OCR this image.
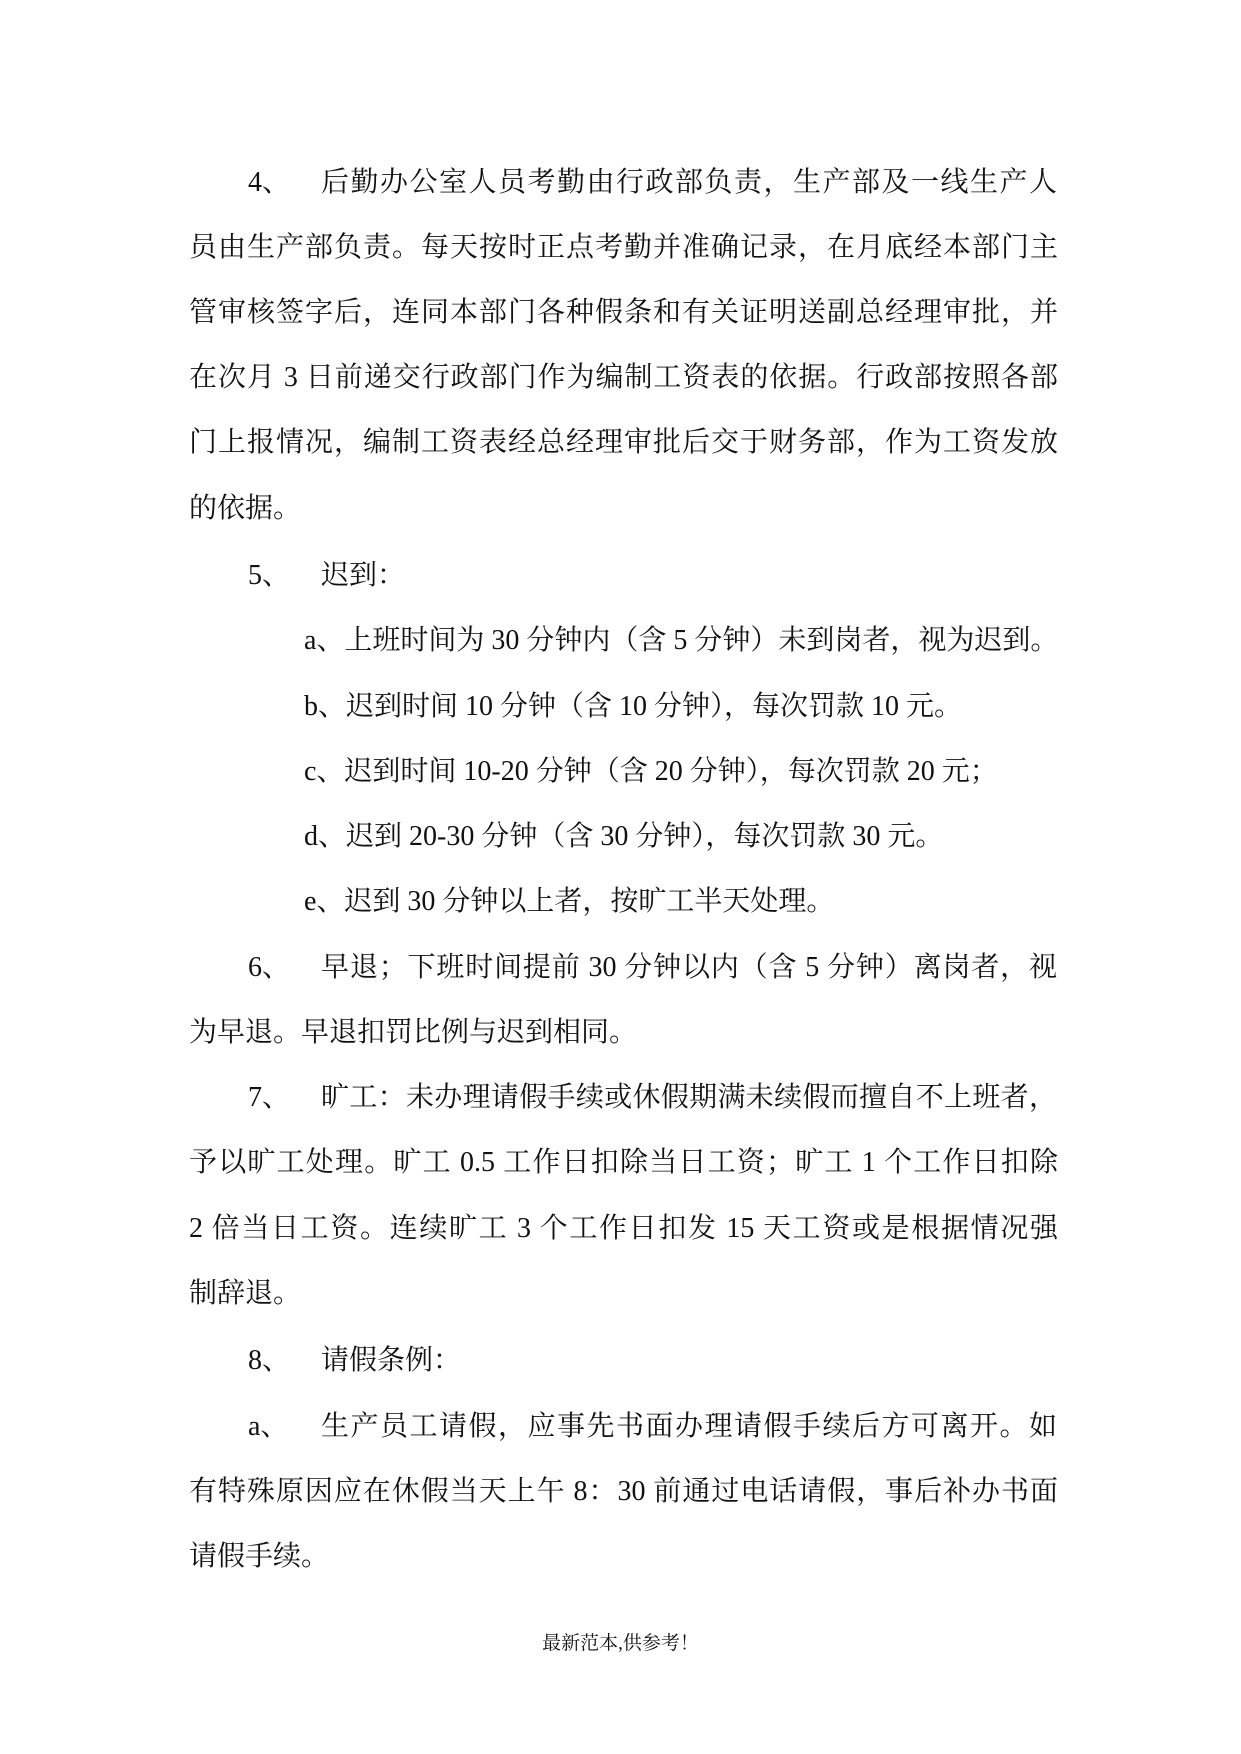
4、	后勤办公室人员考勤由行政部负责，生产部及一线生产人
员由生产部负责。每天按时正点考勤并准确记录，在月底经本部门主
管审核签字后，连同本部门各种假条和有关证明送副总经理审批，并
在次月 3 日前递交行政部门作为编制工资表的依据。行政部按照各部
门上报情况，编制工资表经总经理审批后交于财务部，作为工资发放
的依据。
5、	迟到：
a、上班时间为 30 分钟内（含 5 分钟）未到岗者，视为迟到。
b、迟到时间 10 分钟（含 10 分钟），每次罚款 10 元。
c、迟到时间 10-20 分钟（含 20 分钟），每次罚款 20 元；
d、迟到 20-30 分钟（含 30 分钟），每次罚款 30 元。
e、迟到 30 分钟以上者，按旷工半天处理。
6、	早退；下班时间提前 30 分钟以内（含 5 分钟）离岗者，视
为早退。早退扣罚比例与迟到相同。
7、	旷工：未办理请假手续或休假期满未续假而擅自不上班者，
予以旷工处理。旷工 0.5 工作日扣除当日工资；旷工 1 个工作日扣除
2 倍当日工资。连续旷工 3 个工作日扣发 15 天工资或是根据情况强
制辞退。
8、	请假条例：
a、	生产员工请假，应事先书面办理请假手续后方可离开。如
有特殊原因应在休假当天上午 8：30 前通过电话请假，事后补办书面
请假手续。
最新范本,供参考！
